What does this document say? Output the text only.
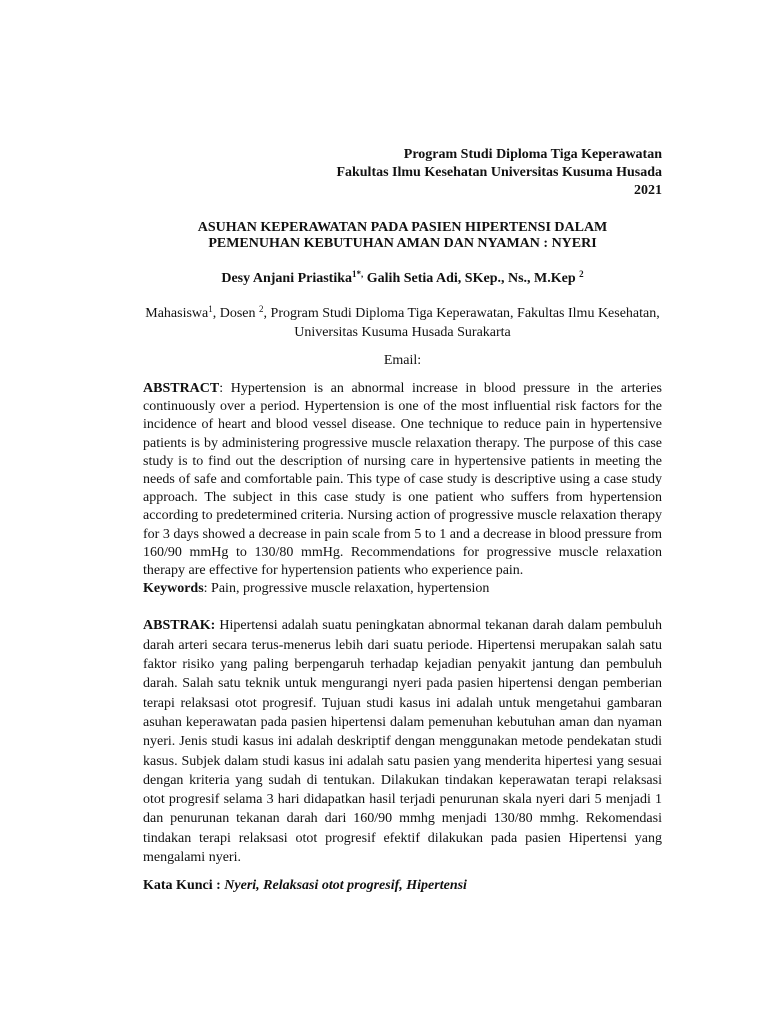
Program Studi Diploma Tiga Keperawatan
Fakultas Ilmu Kesehatan Universitas Kusuma Husada
2021
ASUHAN KEPERAWATAN PADA PASIEN HIPERTENSI DALAM
PEMENUHAN KEBUTUHAN AMAN DAN NYAMAN : NYERI
Desy Anjani Priastika$^{1*,}$ Galih Setia Adi, SKep., Ns., M.Kep $^2$
Mahasiswa$^1$, Dosen $^2$, Program Studi Diploma Tiga Keperawatan, Fakultas Ilmu Kesehatan, Universitas Kusuma Husada Surakarta
Email:
ABSTRACT: Hypertension is an abnormal increase in blood pressure in the arteries continuously over a period. Hypertension is one of the most influential risk factors for the incidence of heart and blood vessel disease. One technique to reduce pain in hypertensive patients is by administering progressive muscle relaxation therapy. The purpose of this case study is to find out the description of nursing care in hypertensive patients in meeting the needs of safe and comfortable pain. This type of case study is descriptive using a case study approach. The subject in this case study is one patient who suffers from hypertension according to predetermined criteria. Nursing action of progressive muscle relaxation therapy for 3 days showed a decrease in pain scale from 5 to 1 and a decrease in blood pressure from 160/90 mmHg to 130/80 mmHg. Recommendations for progressive muscle relaxation therapy are effective for hypertension patients who experience pain.
Keywords: Pain, progressive muscle relaxation, hypertension
ABSTRAK: Hipertensi adalah suatu peningkatan abnormal tekanan darah dalam pembuluh darah arteri secara terus-menerus lebih dari suatu periode. Hipertensi merupakan salah satu faktor risiko yang paling berpengaruh terhadap kejadian penyakit jantung dan pembuluh darah. Salah satu teknik untuk mengurangi nyeri pada pasien hipertensi dengan pemberian terapi relaksasi otot progresif. Tujuan studi kasus ini adalah untuk mengetahui gambaran asuhan keperawatan pada pasien hipertensi dalam pemenuhan kebutuhan aman dan nyaman nyeri. Jenis studi kasus ini adalah deskriptif dengan menggunakan metode pendekatan studi kasus. Subjek dalam studi kasus ini adalah satu pasien yang menderita hipertesi yang sesuai dengan kriteria yang sudah di tentukan. Dilakukan tindakan keperawatan terapi relaksasi otot progresif selama 3 hari didapatkan hasil terjadi penurunan skala nyeri dari 5 menjadi 1 dan penurunan tekanan darah dari 160/90 mmhg menjadi 130/80 mmhg. Rekomendasi tindakan terapi relaksasi otot progresif efektif dilakukan pada pasien Hipertensi yang mengalami nyeri.
Kata Kunci : Nyeri, Relaksasi otot progresif, Hipertensi
